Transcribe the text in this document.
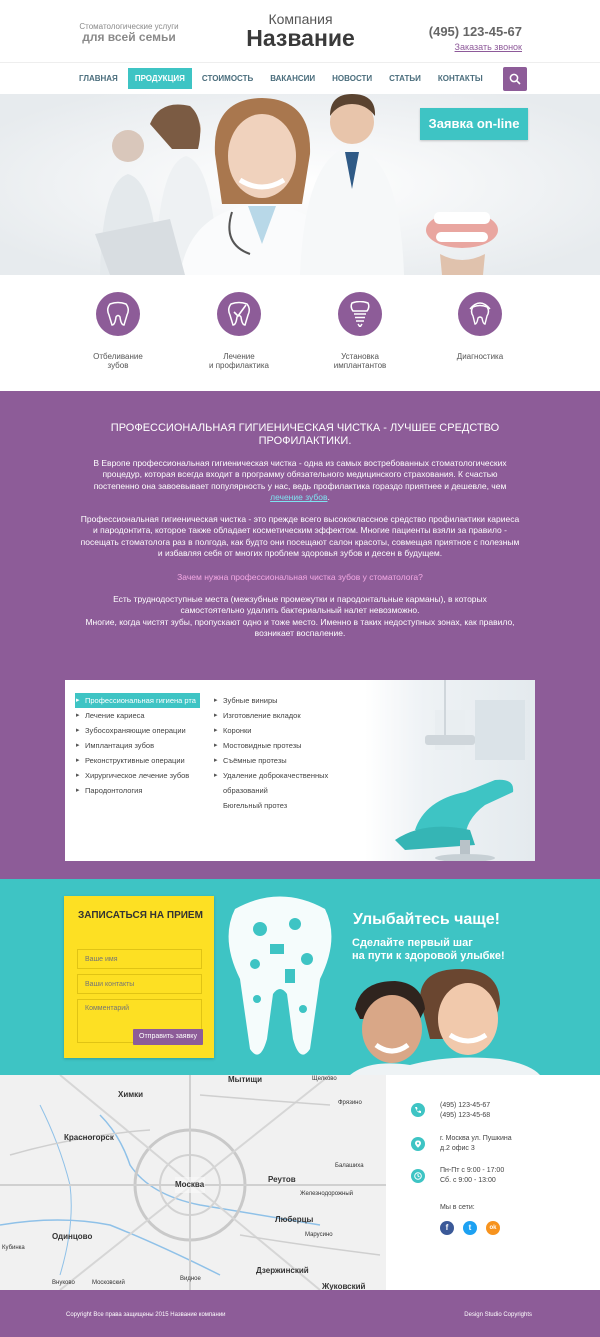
Стоматологические услуги
для всей семьи
Компания
Название	(495) 123-45-67
Заказать звонок
ГЛАВНАЯ	ПРОДУКЦИЯ	СТОИМОСТЬ	ВАКАНСИИ	НОВОСТИ	СТАТЬИ	КОНТАКТЫ
Заявка on-line
Отбеливание
зубов
Лечение
и профилактика
Установка
имплантантов
Диагностика
ПРОФЕССИОНАЛЬНАЯ ГИГИЕНИЧЕСКАЯ ЧИСТКА - ЛУЧШЕЕ СРЕДСТВО ПРОФИЛАКТИКИ.
В Европе профессиональная гигиеническая чистка - одна из самых востребованных стоматологических процедур, которая всегда входит в программу обязательного медицинского страхования. К счастью постепенно она завоевывает популярность у нас, ведь профилактика гораздо приятнее и дешевле, чем лечение зубов.
Профессиональная гигиеническая чистка - это прежде всего высококлассное средство профилактики кариеса и пародонтита, которое также обладает косметическим эффектом. Многие пациенты взяли за правило - посещать стоматолога раз в полгода, как будто они посещают салон красоты, совмещая приятное с полезным и избавляя себя от многих проблем здоровья зубов и десен в будущем.
Зачем нужна профессиональная чистка зубов у стоматолога?
Есть труднодоступные места (межзубные промежутки и пародонтальные карманы), в которых самостоятельно удалить бактериальный налет невозможно.
Многие, когда чистят зубы, пропускают одно и тоже место. Именно в таких недоступных зонах, как правило, возникает воспаление.
▸ Профессиональная гигиена рта
▸ Лечение кариеса
▸ Зубосохраняющие операции
▸ Имплантация зубов
▸ Реконструктивные операции
▸ Хирургическое лечение зубов
▸ Пародонтология
▸ Зубные виниры
▸ Изготовление вкладок
▸ Коронки
▸ Мостовидные протезы
▸ Съёмные протезы
▸ Удаление доброкачественных
образований
Бюгельный протез
ЗАПИСАТЬСЯ НА ПРИЕМ
Ваше имя
Ваши контакты
Комментарий
Отправить заявку
Улыбайтесь чаще!
Сделайте первый шаг
на пути к здоровой улыбке!
Химки
Мытищи	Щелково
Красногорск
Москва
Реутов
Одинцово
Люберцы
Дзержинский
Жуковский
Железнодорожный
Марусино
Видное
Внуково	Московский
Фрязино
Балашиха
Кубинка
(495) 123-45-67
(495) 123-45-68
г. Москва ул. Пушкина
д.2 офис 3
Пн-Пт с 9:00 - 17:00
Сб. с 9:00 - 13:00
Мы в сети:
f	t	ok
Copyright Все права защищены 2015 Название компании	Design Studio Copyrights
